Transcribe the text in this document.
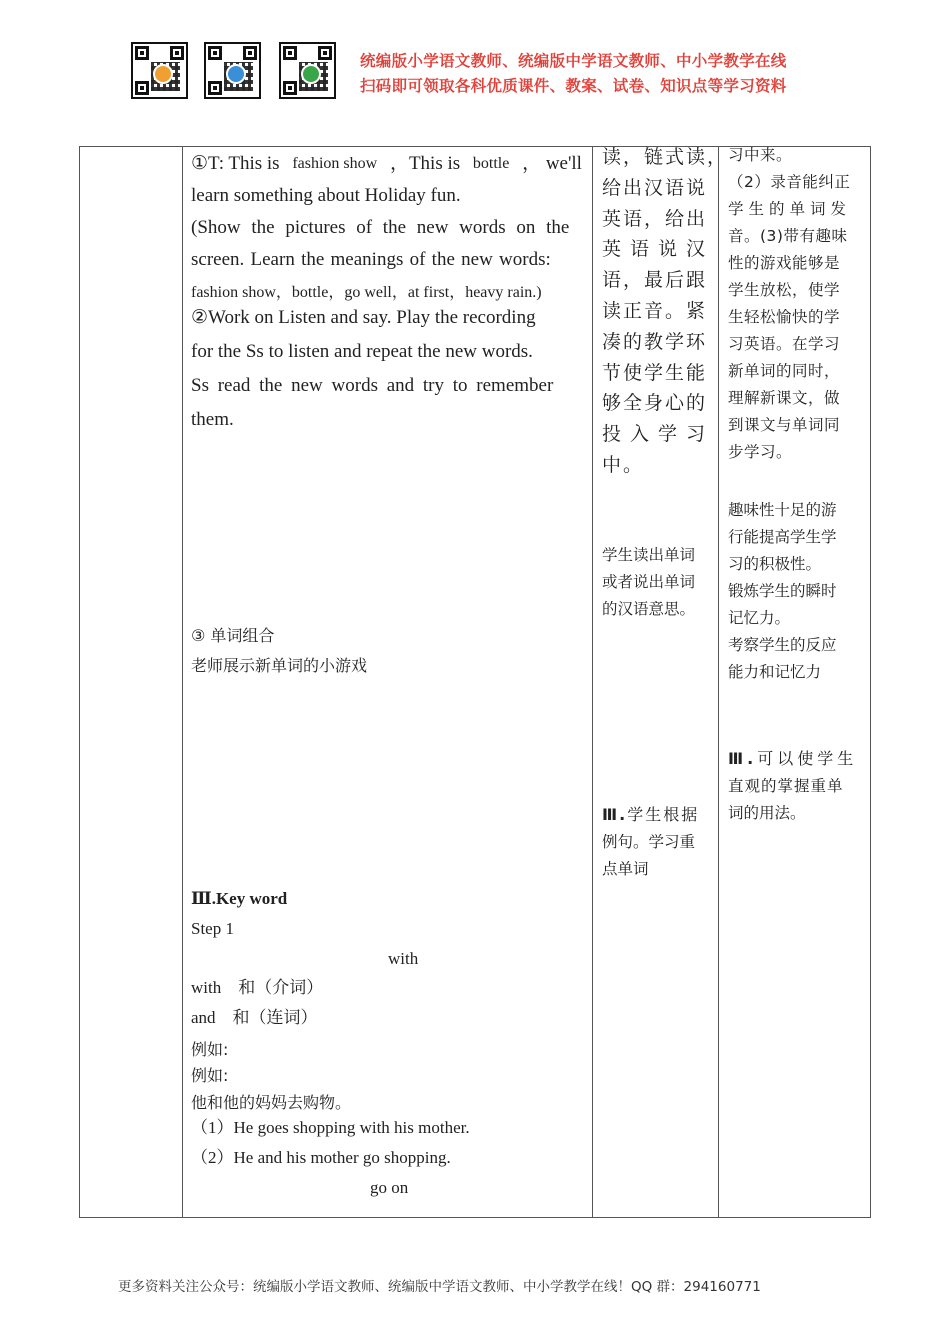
统编版小学语文教师、统编版中学语文教师、中小学教学在线
扫码即可领取各科优质课件、教案、试卷、知识点等学习资料
①T: This is fashion show ，This is bottle ， we'll
learn something about Holiday fun.
(Show the pictures of the new words on the
screen. Learn the meanings of the new words:
fashion show，bottle，go well，at first，heavy rain.)
②Work on Listen and say. Play the recording
for the Ss to listen and repeat the new words.
Ss read the new words and try to remember
them.
③ 单词组合
老师展示新单词的小游戏
Ⅲ.Key word
Step 1
with
with　和（介词）
and　和（连词）
例如:
例如:
他和他的妈妈去购物。
（1）He goes shopping with his mother.
（2）He and his mother go shopping.
go on
读，链式读，
给出汉语说
英语，给出
英语说汉
语，最后跟
读正音。紧
凑的教学环
节使学生能
够全身心的
投入学习
中。
学生读出单词
或者说出单词
的汉语意思。
Ⅲ.学生根据
例句。学习重
点单词
习中来。
（2）录音能纠正
学生的单词发
音。(3)带有趣味
性的游戏能够是
学生放松，使学
生轻松愉快的学
习英语。在学习
新单词的同时，
理解新课文，做
到课文与单词同
步学习。
趣味性十足的游
行能提高学生学
习的积极性。
锻炼学生的瞬时
记忆力。
考察学生的反应
能力和记忆力
Ⅲ.可以使学生
直观的掌握重单
词的用法。
更多资料关注公众号：统编版小学语文教师、统编版中学语文教师、中小学教学在线！QQ 群：294160771
